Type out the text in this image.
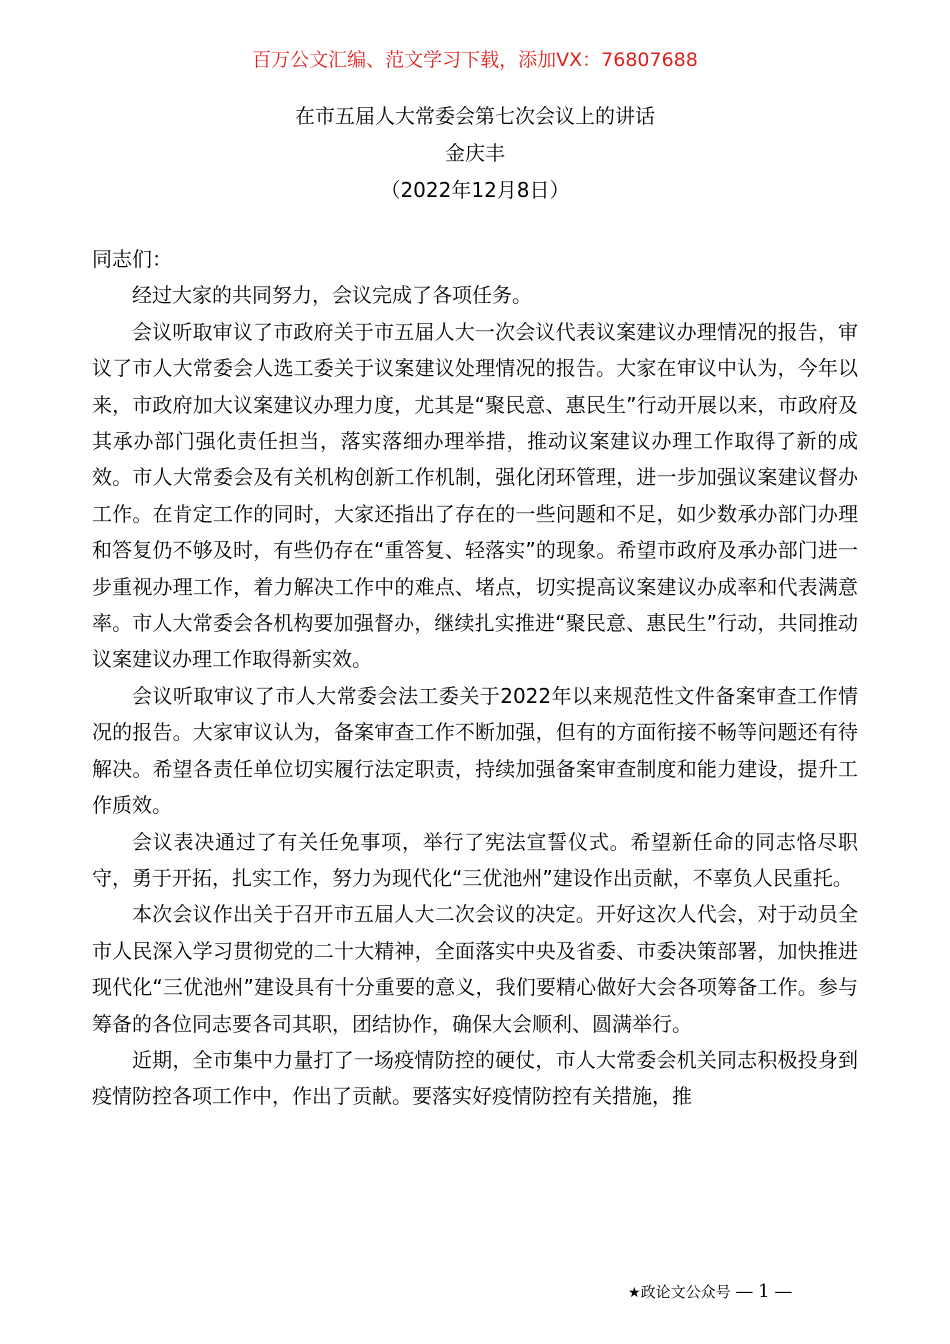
百万公文汇编、范文学习下载，添加VX：76807688
在市五届人大常委会第七次会议上的讲话
金庆丰
（2022年12月8日）

同志们：

经过大家的共同努力，会议完成了各项任务。

会议听取审议了市政府关于市五届人大一次会议代表议案建议办理情况的报告，审议了市人大常委会人选工委关于议案建议处理情况的报告。大家在审议中认为，今年以来，市政府加大议案建议办理力度，尤其是“聚民意、惠民生”行动开展以来，市政府及其承办部门强化责任担当，落实落细办理举措，推动议案建议办理工作取得了新的成效。市人大常委会及有关机构创新工作机制，强化闭环管理，进一步加强议案建议督办工作。在肯定工作的同时，大家还指出了存在的一些问题和不足，如少数承办部门办理和答复仍不够及时，有些仍存在“重答复、轻落实”的现象。希望市政府及承办部门进一步重视办理工作，着力解决工作中的难点、堵点，切实提高议案建议办成率和代表满意率。市人大常委会各机构要加强督办，继续扎实推进“聚民意、惠民生”行动，共同推动议案建议办理工作取得新实效。

会议听取审议了市人大常委会法工委关于2022年以来规范性文件备案审查工作情况的报告。大家审议认为，备案审查工作不断加强，但有的方面衔接不畅等问题还有待解决。希望各责任单位切实履行法定职责，持续加强备案审查制度和能力建设，提升工作质效。

会议表决通过了有关任免事项，举行了宪法宣誓仪式。希望新任命的同志恪尽职守，勇于开拓，扎实工作，努力为现代化“三优池州”建设作出贡献，不辜负人民重托。

本次会议作出关于召开市五届人大二次会议的决定。开好这次人代会，对于动员全市人民深入学习贯彻党的二十大精神，全面落实中央及省委、市委决策部署，加快推进现代化“三优池州”建设具有十分重要的意义，我们要精心做好大会各项筹备工作。参与筹备的各位同志要各司其职，团结协作，确保大会顺利、圆满举行。

近期，全市集中力量打了一场疫情防控的硬仗，市人大常委会机关同志积极投身到疫情防控各项工作中，作出了贡献。要落实好疫情防控有关措施，推

★政论文公众号 — 1 —
